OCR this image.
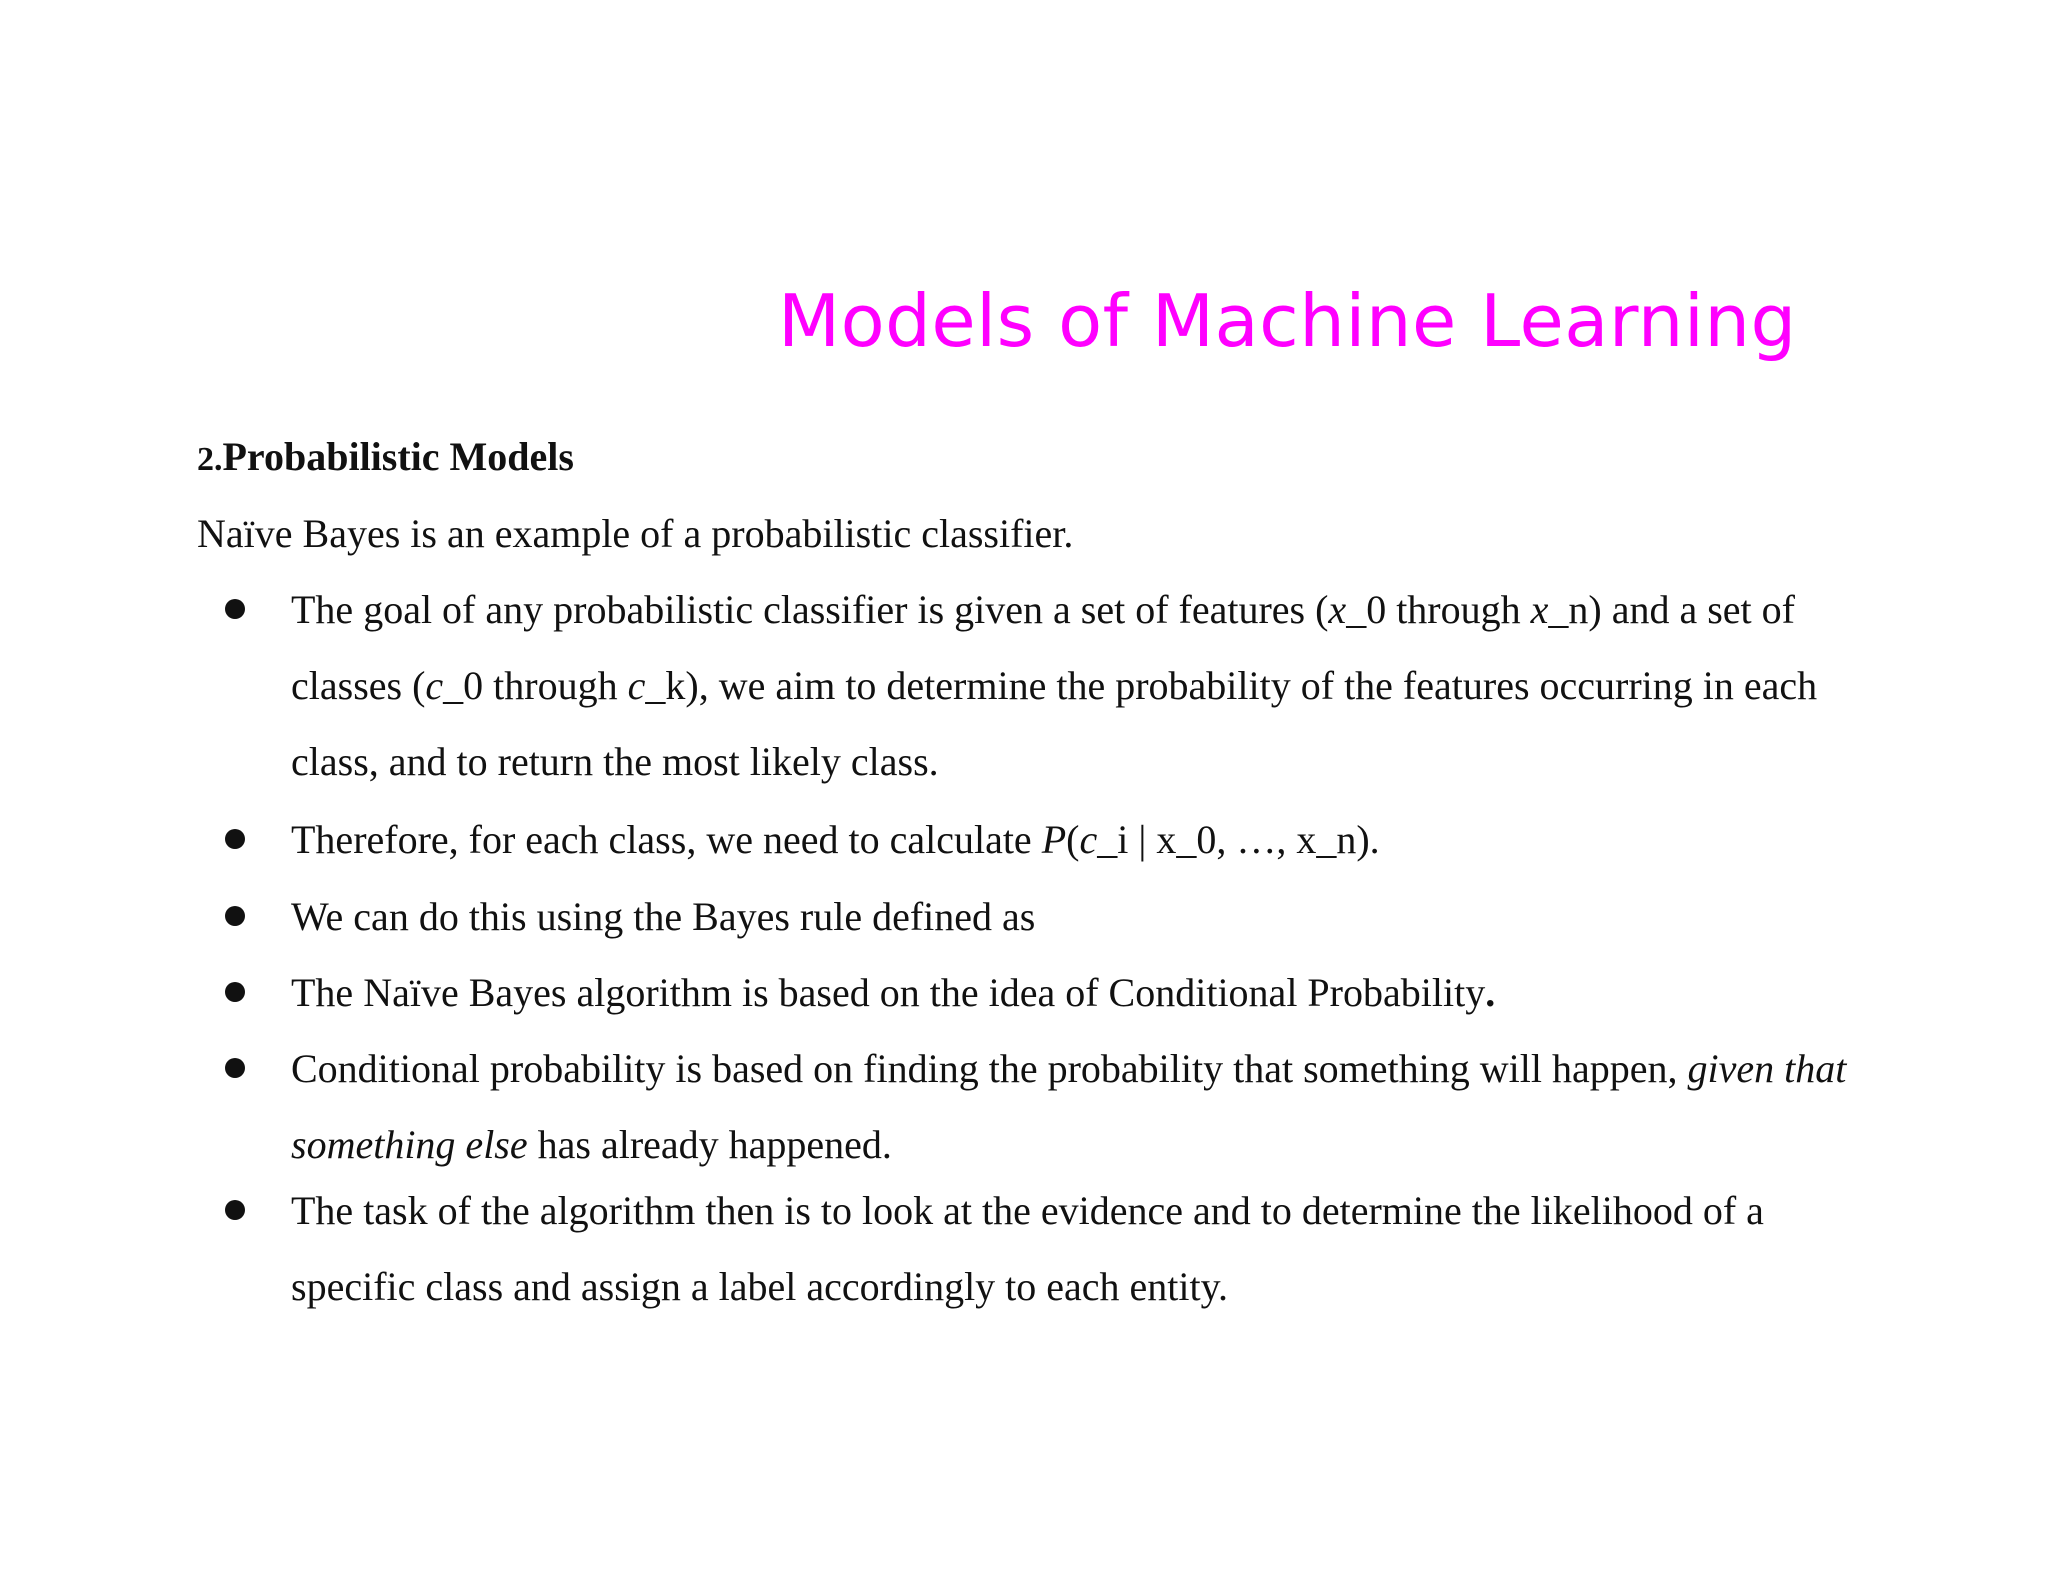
Models of Machine Learning
2.Probabilistic Models
Naïve Bayes is an example of a probabilistic classifier.
The goal of any probabilistic classifier is given a set of features (x_0 through x_n) and a set of
classes (c_0 through c_k), we aim to determine the probability of the features occurring in each
class, and to return the most likely class.
Therefore, for each class, we need to calculate P(c_i | x_0, …, x_n).
We can do this using the Bayes rule defined as
The Naïve Bayes algorithm is based on the idea of Conditional Probability.
Conditional probability is based on finding the probability that something will happen, given that
something else has already happened.
The task of the algorithm then is to look at the evidence and to determine the likelihood of a
specific class and assign a label accordingly to each entity.
